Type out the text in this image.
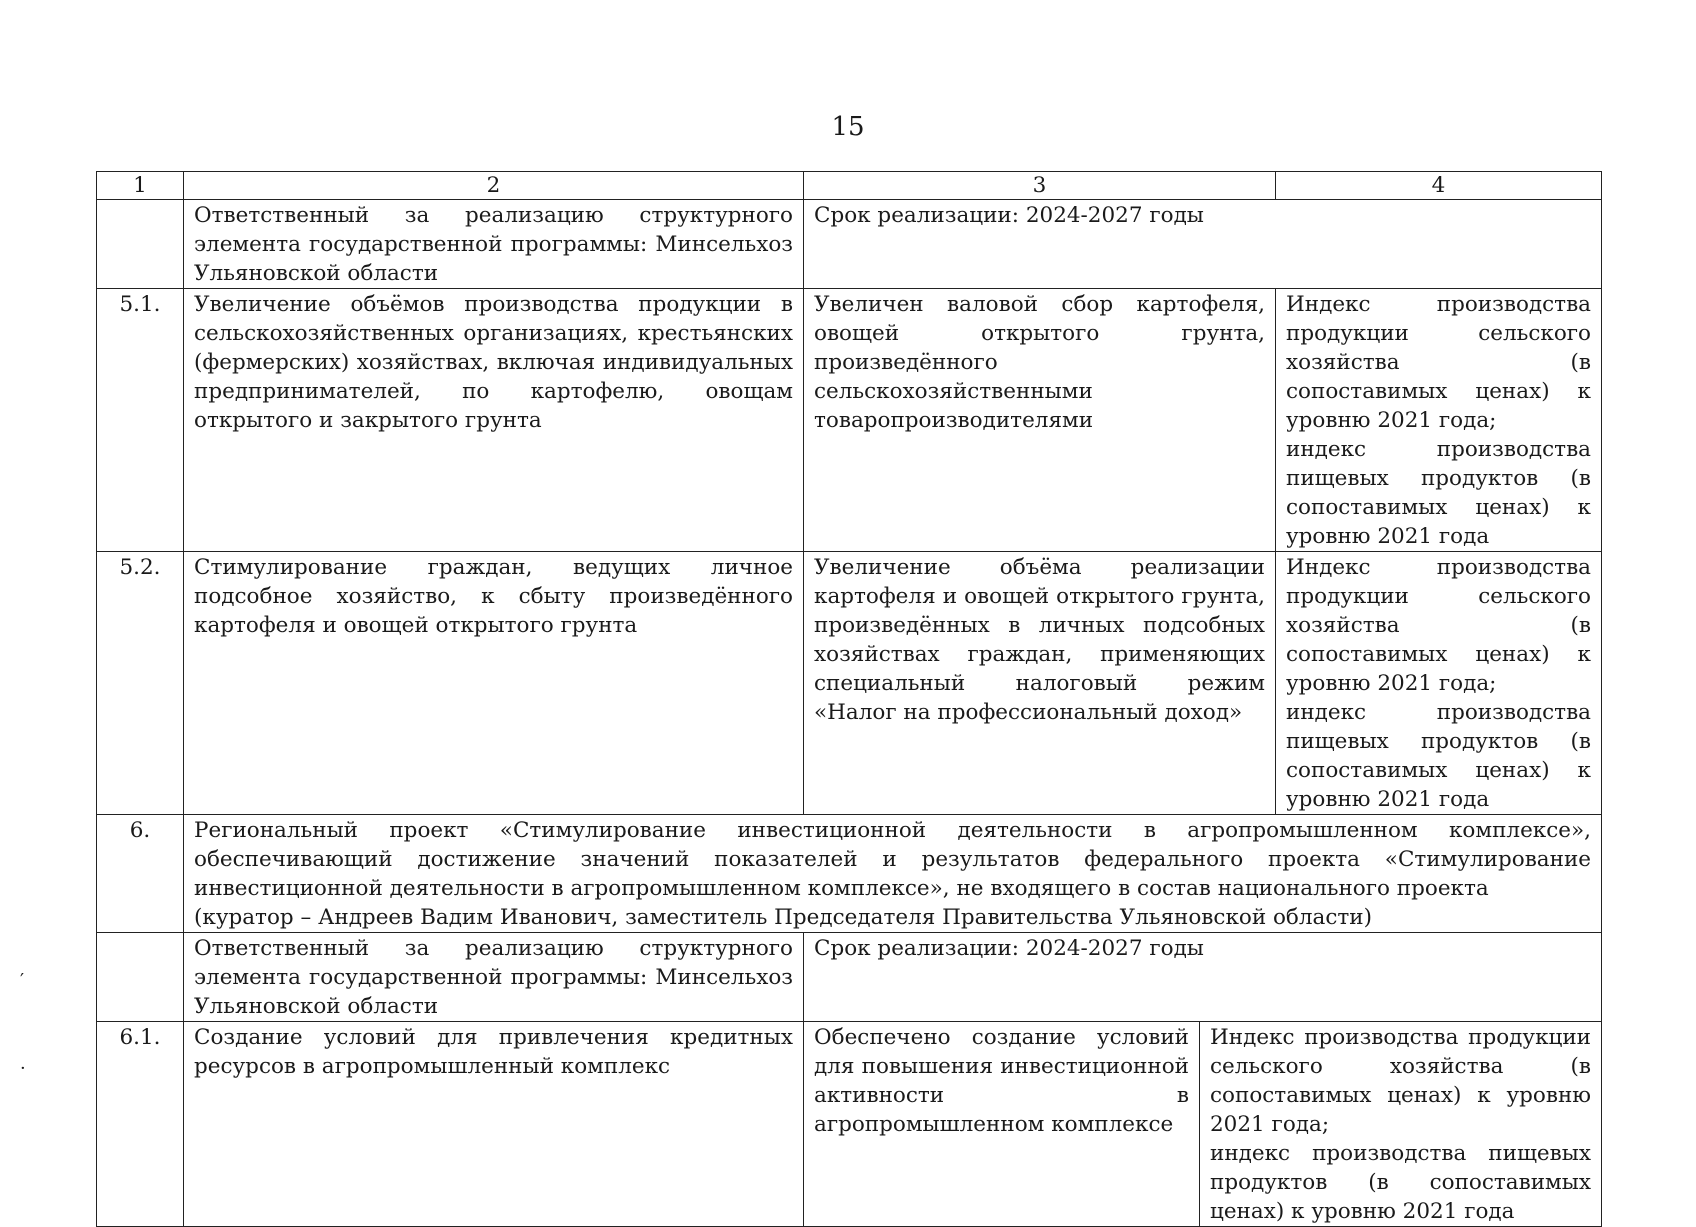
15
1	2	3		4
	Ответственный за реализацию структурного элемента государственной программы: Минсельхоз Ульяновской области	Срок реализации: 2024-2027 годы		
5.1.	Увеличение объёмов производства продукции в сельскохозяйственных организациях, крестьянских (фермерских) хозяйствах, включая индивидуальных предпринимателей, по картофелю, овощам открытого и закрытого грунта	Увеличен валовой сбор картофеля, овощей открытого грунта, произведённого сельскохозяйственными товаропроизводителями		Индекс производства продукции сельского хозяйства (в сопоставимых ценах) к уровню 2021 года;
индекс производства пищевых продуктов (в сопоставимых ценах) к уровню 2021 года

5.2.	Стимулирование граждан, ведущих личное подсобное хозяйство, к сбыту произведённого картофеля и овощей открытого грунта	Увеличение объёма реализации картофеля и овощей открытого грунта, произведённых в личных подсобных хозяйствах граждан, применяющих специальный налоговый режим «Налог на профессиональный доход»		Индекс производства продукции сельского хозяйства (в сопоставимых ценах) к уровню 2021 года;
индекс производства пищевых продуктов (в сопоставимых ценах) к уровню 2021 года

6.	Региональный проект «Стимулирование инвестиционной деятельности в агропромышленном комплексе», обеспечивающий достижение значений показателей и результатов федерального проекта «Стимулирование инвестиционной деятельности в агропромышленном комплексе», не входящего в состав национального проекта
(куратор – Андреев Вадим Иванович, заместитель Председателя Правительства Ульяновской области)			

	Ответственный за реализацию структурного элемента государственной программы: Минсельхоз Ульяновской области	Срок реализации: 2024-2027 годы		
6.1.	Создание условий для привлечения кредитных ресурсов в агропромышленный комплекс	Обеспечено создание условий для повышения инвестиционной активности в агропромышленном комплексе	Индекс производства продукции сельского хозяйства (в сопоставимых ценах) к уровню 2021 года;
индекс производства пищевых продуктов (в сопоставимых ценах) к уровню 2021 года	
′
·
